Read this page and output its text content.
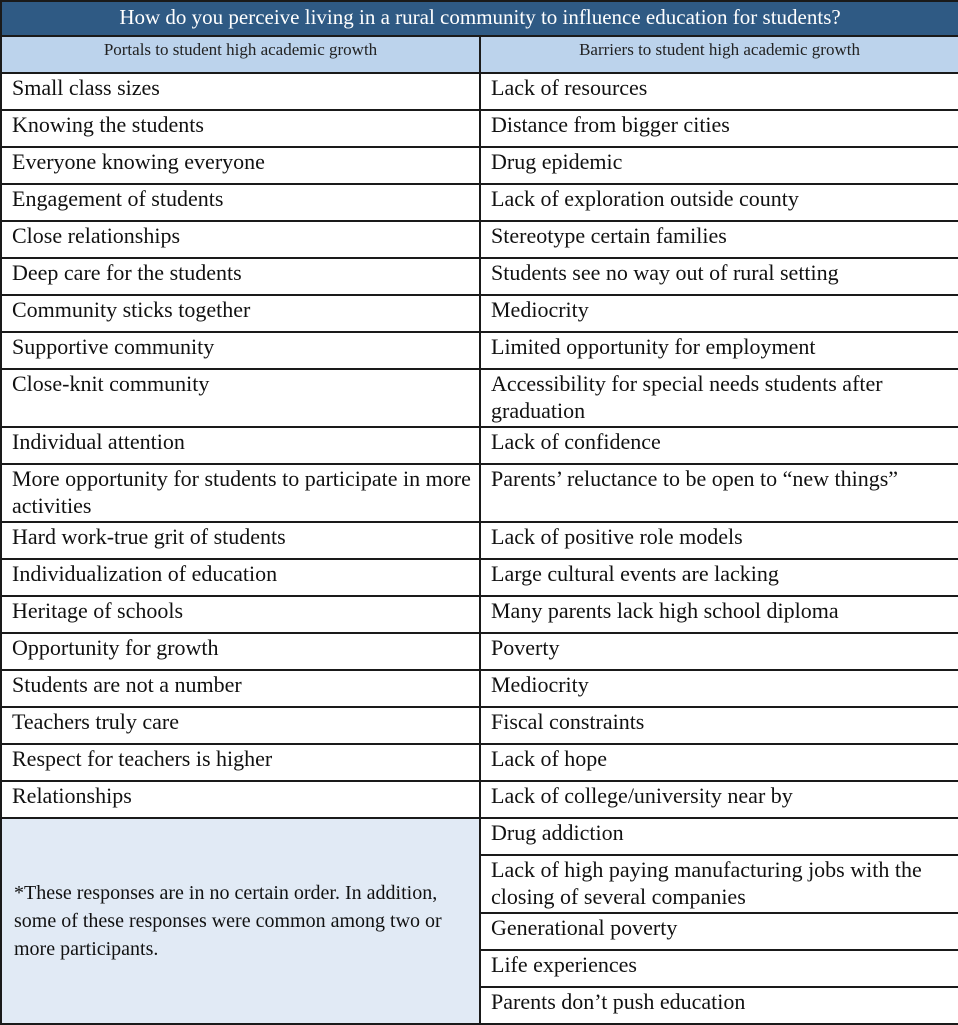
How do you perceive living in a rural community to influence education for students?	
Portals to student high academic growth	Barriers to student high academic growth
Small class sizes	Lack of resources
Knowing the students	Distance from bigger cities
Everyone knowing everyone	Drug epidemic
Engagement of students	Lack of exploration outside county
Close relationships	Stereotype certain families
Deep care for the students	Students see no way out of rural setting
Community sticks together	Mediocrity
Supportive community	Limited opportunity for employment
Close-knit community	Accessibility for special needs students after graduation
Individual attention	Lack of confidence
More opportunity for students to participate in more activities	Parents’ reluctance to be open to “new things”
Hard work-true grit of students	Lack of positive role models
Individualization of education	Large cultural events are lacking
Heritage of schools	Many parents lack high school diploma
Opportunity for growth	Poverty
Students are not a number	Mediocrity
Teachers truly care	Fiscal constraints
Respect for teachers is higher	Lack of hope
Relationships	Lack of college/university near by
*These responses are in no certain order. In addition, some of these responses were common among two or more participants.	Drug addiction
	Lack of high paying manufacturing jobs with the closing of several companies
	Generational poverty
	Life experiences
	Parents don’t push education
